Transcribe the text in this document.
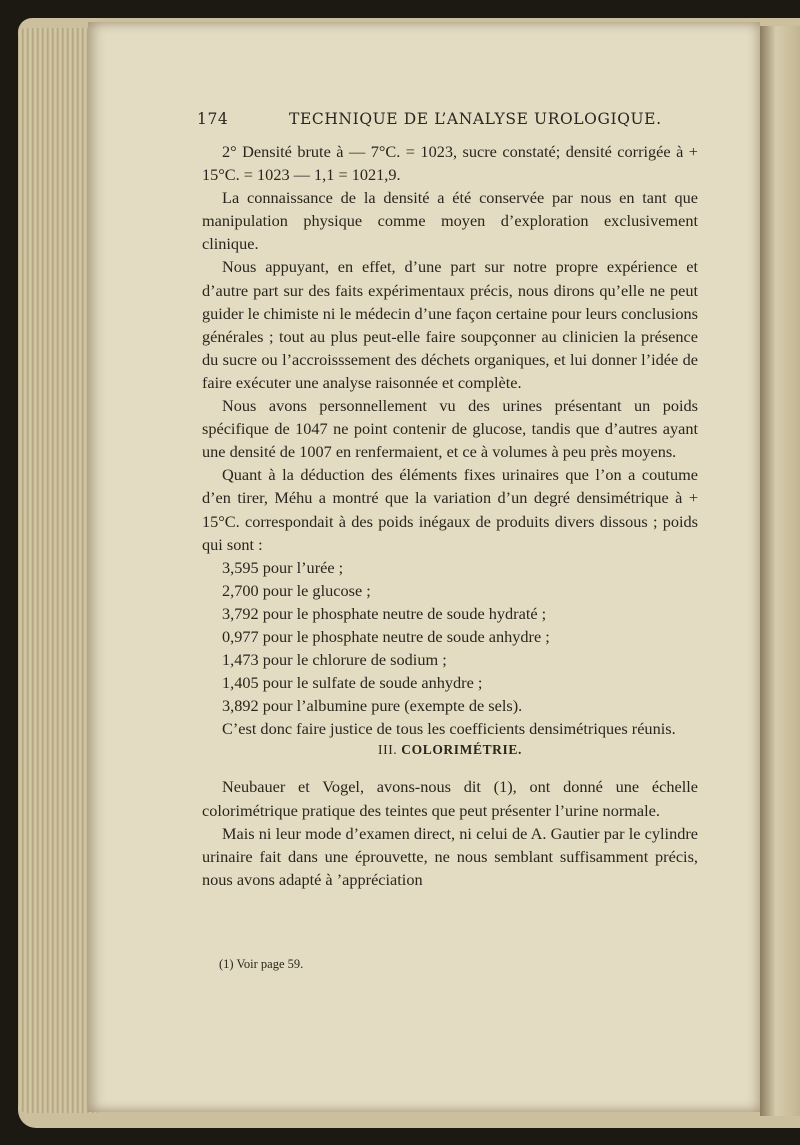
174	TECHNIQUE DE L’ANALYSE UROLOGIQUE.

2° Densité brute à — 7°C. = 1023, sucre constaté; densité corrigée à + 15°C. = 1023 — 1,1 = 1021,9.

La connaissance de la densité a été conservée par nous en tant que manipulation physique comme moyen d’exploration exclusivement clinique.

Nous appuyant, en effet, d’une part sur notre propre expérience et d’autre part sur des faits expérimentaux précis, nous dirons qu’elle ne peut guider le chimiste ni le médecin d’une façon certaine pour leurs conclusions générales ; tout au plus peut-elle faire soupçonner au clinicien la présence du sucre ou l’accroisssement des déchets organiques, et lui donner l’idée de faire exécuter une analyse raisonnée et complète.

Nous avons personnellement vu des urines présentant un poids spécifique de 1047 ne point contenir de glucose, tandis que d’autres ayant une densité de 1007 en renfermaient, et ce à volumes à peu près moyens.

Quant à la déduction des éléments fixes urinaires que l’on a coutume d’en tirer, Méhu a montré que la variation d’un degré densimétrique à + 15°C. correspondait à des poids inégaux de produits divers dissous ; poids qui sont :

3,595 pour l’urée ;
2,700 pour le glucose ;
3,792 pour le phosphate neutre de soude hydraté ;
0,977 pour le phosphate neutre de soude anhydre ;
1,473 pour le chlorure de sodium ;
1,405 pour le sulfate de soude anhydre ;
3,892 pour l’albumine pure (exempte de sels).

C’est donc faire justice de tous les coefficients densimétriques réunis.

III. COLORIMÉTRIE.

Neubauer et Vogel, avons-nous dit (1), ont donné une échelle colorimétrique pratique des teintes que peut présenter l’urine normale.

Mais ni leur mode d’examen direct, ni celui de A. Gautier par le cylindre urinaire fait dans une éprouvette, ne nous semblant suffisamment précis, nous avons adapté à ’appréciation

(1) Voir page 59.
